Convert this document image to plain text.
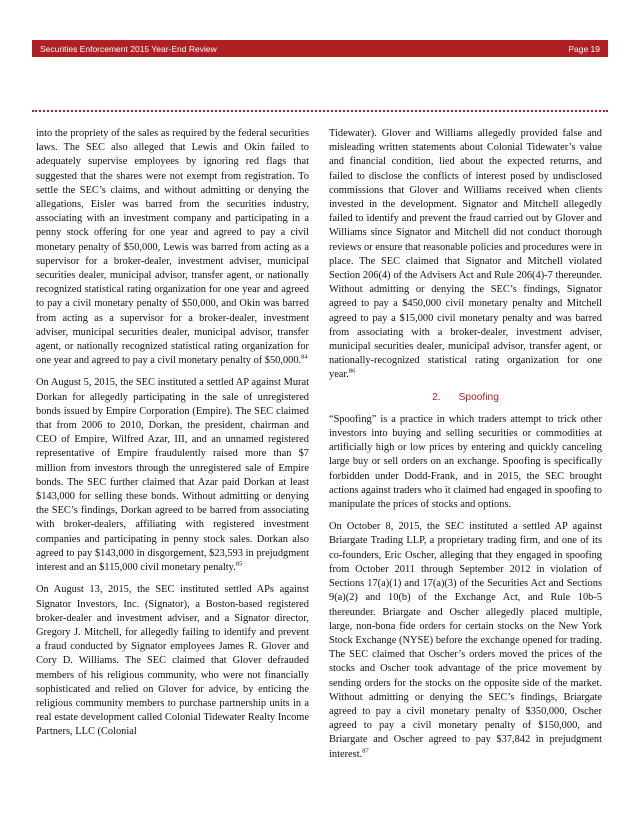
Securities Enforcement 2015 Year-End Review	Page 19

into the propriety of the sales as required by the federal securities laws. The SEC also alleged that Lewis and Okin failed to adequately supervise employees by ignoring red flags that suggested that the shares were not exempt from registration. To settle the SEC’s claims, and without admitting or denying the allegations, Eisler was barred from the securities industry, associating with an investment company and participating in a penny stock offering for one year and agreed to pay a civil monetary penalty of $50,000, Lewis was barred from acting as a supervisor for a broker-dealer, investment adviser, municipal securities dealer, municipal advisor, transfer agent, or nationally recognized statistical rating organization for one year and agreed to pay a civil monetary penalty of $50,000, and Okin was barred from acting as a supervisor for a broker-dealer, investment adviser, municipal securities dealer, municipal advisor, transfer agent, or nationally recognized statistical rating organization for one year and agreed to pay a civil monetary penalty of $50,000.84

On August 5, 2015, the SEC instituted a settled AP against Murat Dorkan for allegedly participating in the sale of unregistered bonds issued by Empire Corporation (Empire). The SEC claimed that from 2006 to 2010, Dorkan, the president, chairman and CEO of Empire, Wilfred Azar, III, and an unnamed registered representative of Empire fraudulently raised more than $7 million from investors through the unregistered sale of Empire bonds. The SEC further claimed that Azar paid Dorkan at least $143,000 for selling these bonds. Without admitting or denying the SEC’s findings, Dorkan agreed to be barred from associating with broker-dealers, affiliating with registered investment companies and participating in penny stock sales. Dorkan also agreed to pay $143,000 in disgorgement, $23,593 in prejudgment interest and an $115,000 civil monetary penalty.$^{85}$

On August 13, 2015, the SEC instituted settled APs against Signator Investors, Inc. (Signator), a Boston-based registered broker-dealer and investment adviser, and a Signator director, Gregory J. Mitchell, for allegedly failing to identify and prevent a fraud conducted by Signator employees James R. Glover and Cory D. Williams. The SEC claimed that Glover defrauded members of his religious community, who were not financially sophisticated and relied on Glover for advice, by enticing the religious community members to purchase partnership units in a real estate development called Colonial Tidewater Realty Income Partners, LLC (Colonial

Tidewater). Glover and Williams allegedly provided false and misleading written statements about Colonial Tidewater’s value and financial condition, lied about the expected returns, and failed to disclose the conflicts of interest posed by undisclosed commissions that Glover and Williams received when clients invested in the development. Signator and Mitchell allegedly failed to identify and prevent the fraud carried out by Glover and Williams since Signator and Mitchell did not conduct thorough reviews or ensure that reasonable policies and procedures were in place. The SEC claimed that Signator and Mitchell violated Section 206(4) of the Advisers Act and Rule 206(4)-7 thereunder. Without admitting or denying the SEC’s findings, Signator agreed to pay a $450,000 civil monetary penalty and Mitchell agreed to pay a $15,000 civil monetary penalty and was barred from associating with a broker-dealer, investment adviser, municipal securities dealer, municipal advisor, transfer agent, or nationally-recognized statistical rating organization for one year.$^{86}$

2. Spoofing

“Spoofing” is a practice in which traders attempt to trick other investors into buying and selling securities or commodities at artificially high or low prices by entering and quickly canceling large buy or sell orders on an exchange. Spoofing is specifically forbidden under Dodd-Frank, and in 2015, the SEC brought actions against traders who it claimed had engaged in spoofing to manipulate the prices of stocks and options.

On October 8, 2015, the SEC instituted a settled AP against Briargate Trading LLP, a proprietary trading firm, and one of its co-founders, Eric Oscher, alleging that they engaged in spoofing from October 2011 through September 2012 in violation of Sections 17(a)(1) and 17(a)(3) of the Securities Act and Sections 9(a)(2) and 10(b) of the Exchange Act, and Rule 10b-5 thereunder. Briargate and Oscher allegedly placed multiple, large, non-bona fide orders for certain stocks on the New York Stock Exchange (NYSE) before the exchange opened for trading. The SEC claimed that Oscher’s orders moved the prices of the stocks and Oscher took advantage of the price movement by sending orders for the stocks on the opposite side of the market. Without admitting or denying the SEC’s findings, Briargate agreed to pay a civil monetary penalty of $350,000, Oscher agreed to pay a civil monetary penalty of $150,000, and Briargate and Oscher agreed to pay $37,842 in prejudgment interest.$^{87}$
